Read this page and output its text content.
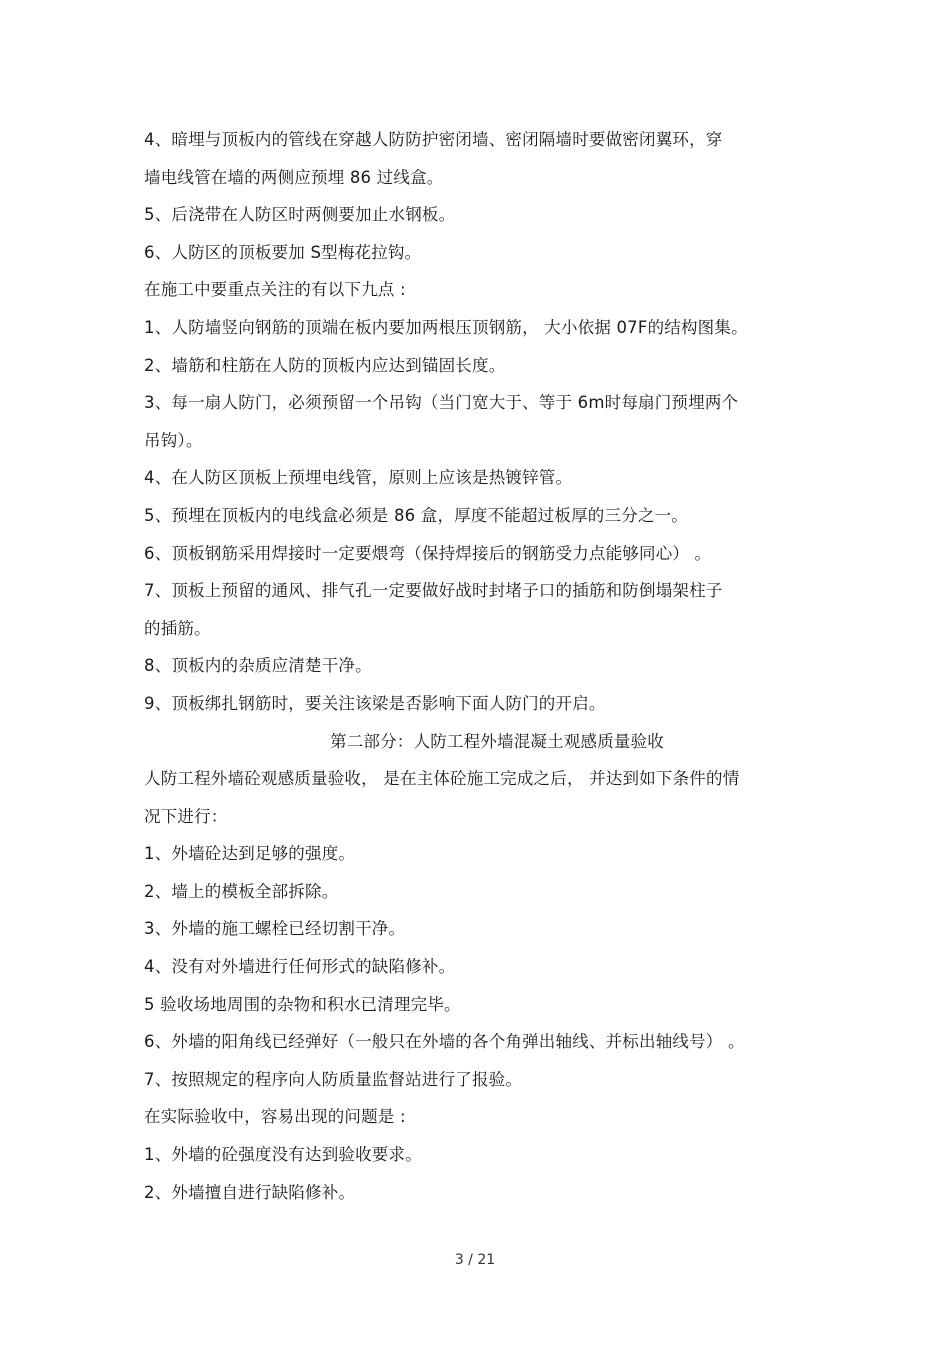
4、暗埋与顶板内的管线在穿越人防防护密闭墙、密闭隔墙时要做密闭翼环，穿
墙电线管在墙的两侧应预埋 86 过线盒。
5、后浇带在人防区时两侧要加止水钢板。
6、人防区的顶板要加 S型梅花拉钩。
在施工中要重点关注的有以下九点 :
1、人防墙竖向钢筋的顶端在板内要加两根压顶钢筋， 大小依据 07F的结构图集。
2、墙筋和柱筋在人防的顶板内应达到锚固长度。
3、每一扇人防门，必须预留一个吊钩（当门宽大于、等于 6m时每扇门预埋两个
吊钩）。
4、在人防区顶板上预埋电线管，原则上应该是热镀锌管。
5、预埋在顶板内的电线盒必须是 86 盒，厚度不能超过板厚的三分之一。
6、顶板钢筋采用焊接时一定要煨弯（保持焊接后的钢筋受力点能够同心） 。
7、顶板上预留的通风、排气孔一定要做好战时封堵子口的插筋和防倒塌架柱子
的插筋。
8、顶板内的杂质应清楚干净。
9、顶板绑扎钢筋时，要关注该梁是否影响下面人防门的开启。
第二部分：人防工程外墙混凝土观感质量验收
人防工程外墙砼观感质量验收， 是在主体砼施工完成之后， 并达到如下条件的情
况下进行：
1、外墙砼达到足够的强度。
2、墙上的模板全部拆除。
3、外墙的施工螺栓已经切割干净。
4、没有对外墙进行任何形式的缺陷修补。
5 验收场地周围的杂物和积水已清理完毕。
6、外墙的阳角线已经弹好（一般只在外墙的各个角弹出轴线、并标出轴线号） 。
7、按照规定的程序向人防质量监督站进行了报验。
在实际验收中，容易出现的问题是 :
1、外墙的砼强度没有达到验收要求。
2、外墙擅自进行缺陷修补。
3 / 21
